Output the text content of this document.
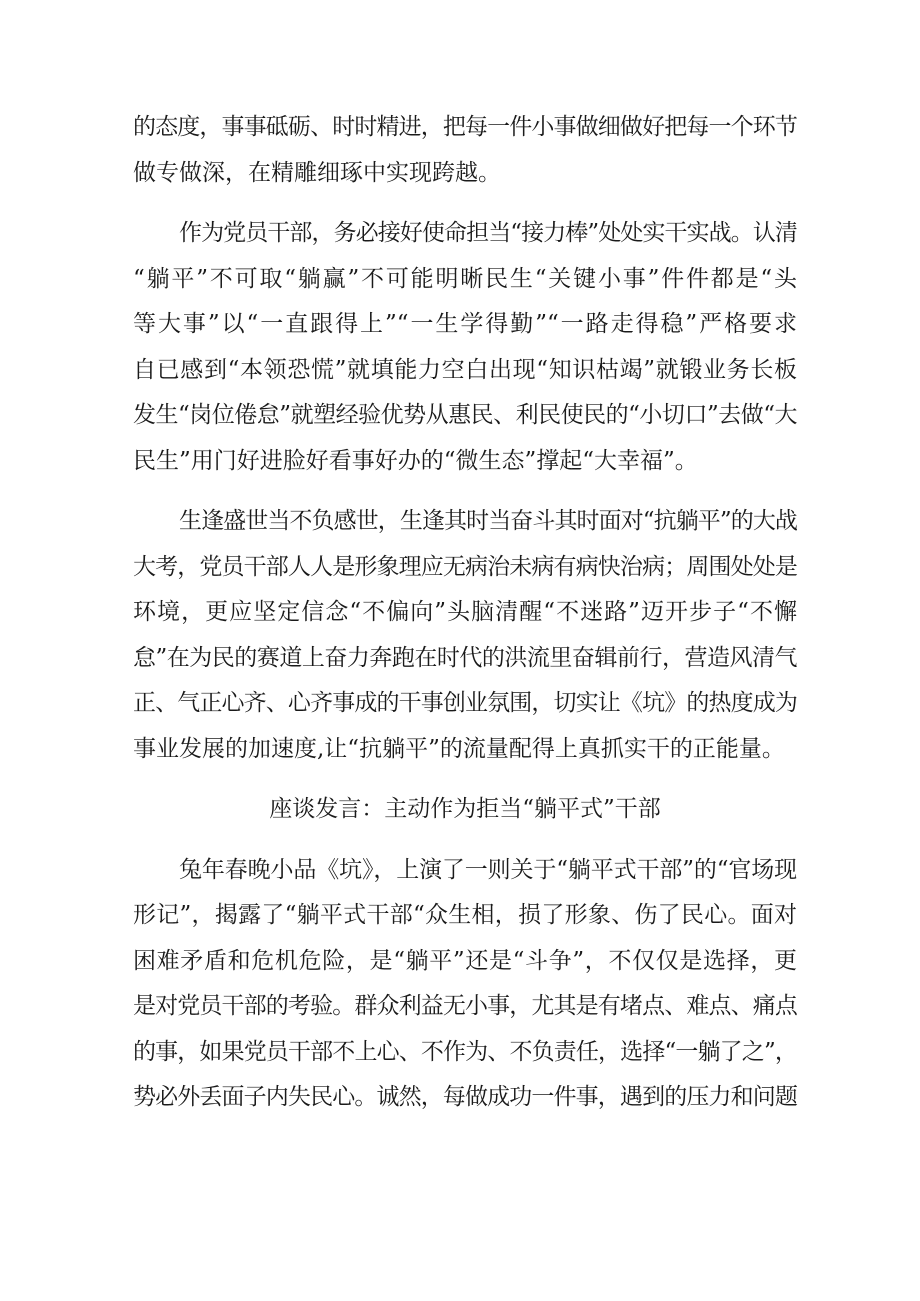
的态度，事事砥砺、时时精进，把每一件小事做细做好把每一个环节
做专做深，在精雕细琢中实现跨越。
作为党员干部，务必接好使命担当“接力棒”处处实干实战。认清
“躺平”不可取“躺赢”不可能明晰民生“关键小事”件件都是“头
等大事”以“一直跟得上”“一生学得勤”“一路走得稳”严格要求
自已感到“本领恐慌”就填能力空白出现“知识枯竭”就锻业务长板
发生“岗位倦怠”就塑经验优势从惠民、利民使民的“小切口”去做“大
民生”用门好进脸好看事好办的“微生态”撑起“大幸福”。
生逢盛世当不负感世，生逢其时当奋斗其时面对“抗躺平”的大战
大考，党员干部人人是形象理应无病治未病有病快治病；周围处处是
环境，更应坚定信念“不偏向”头脑清醒“不迷路”迈开步子“不懈
怠”在为民的赛道上奋力奔跑在时代的洪流里奋辑前行，营造风清气
正、气正心齐、心齐事成的干事创业氛围，切实让《坑》的热度成为
事业发展的加速度,让“抗躺平”的流量配得上真抓实干的正能量。
座谈发言：主动作为拒当“躺平式”干部
兔年春晚小品《坑》，上演了一则关于“躺平式干部”的“官场现
形记”，揭露了“躺平式干部“众生相，损了形象、伤了民心。面对
困难矛盾和危机危险，是“躺平”还是“斗争”，不仅仅是选择，更
是对党员干部的考验。群众利益无小事，尤其是有堵点、难点、痛点
的事，如果党员干部不上心、不作为、不负责任，选择“一躺了之”，
势必外丢面子内失民心。诚然，每做成功一件事，遇到的压力和问题
